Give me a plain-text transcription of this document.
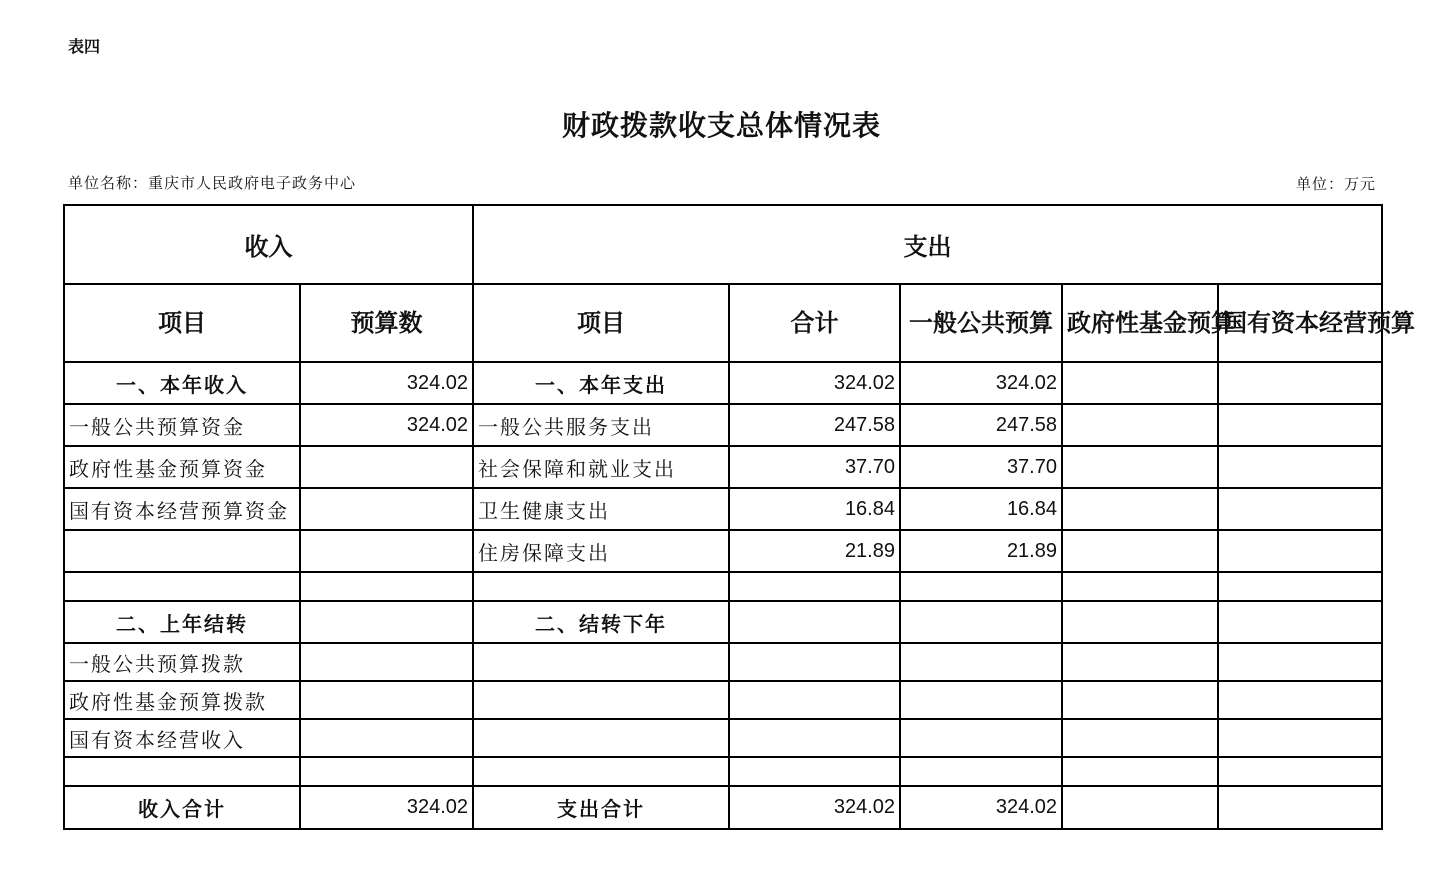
表四
财政拨款收支总体情况表
单位名称：重庆市人民政府电子政务中心	单位：万元
收入		支出				
项目	预算数	项目	合计	一般公共预算	政府性基金预算	国有资本经营预算
一、本年收入	324.02	一、本年支出	324.02	324.02		
一般公共预算资金	324.02	一般公共服务支出	247.58	247.58		
政府性基金预算资金		社会保障和就业支出	37.70	37.70		
国有资本经营预算资金		卫生健康支出	16.84	16.84		
		住房保障支出	21.89	21.89		

二、上年结转		二、结转下年				
一般公共预算拨款						
政府性基金预算拨款						
国有资本经营收入						

收入合计	324.02	支出合计	324.02	324.02		
